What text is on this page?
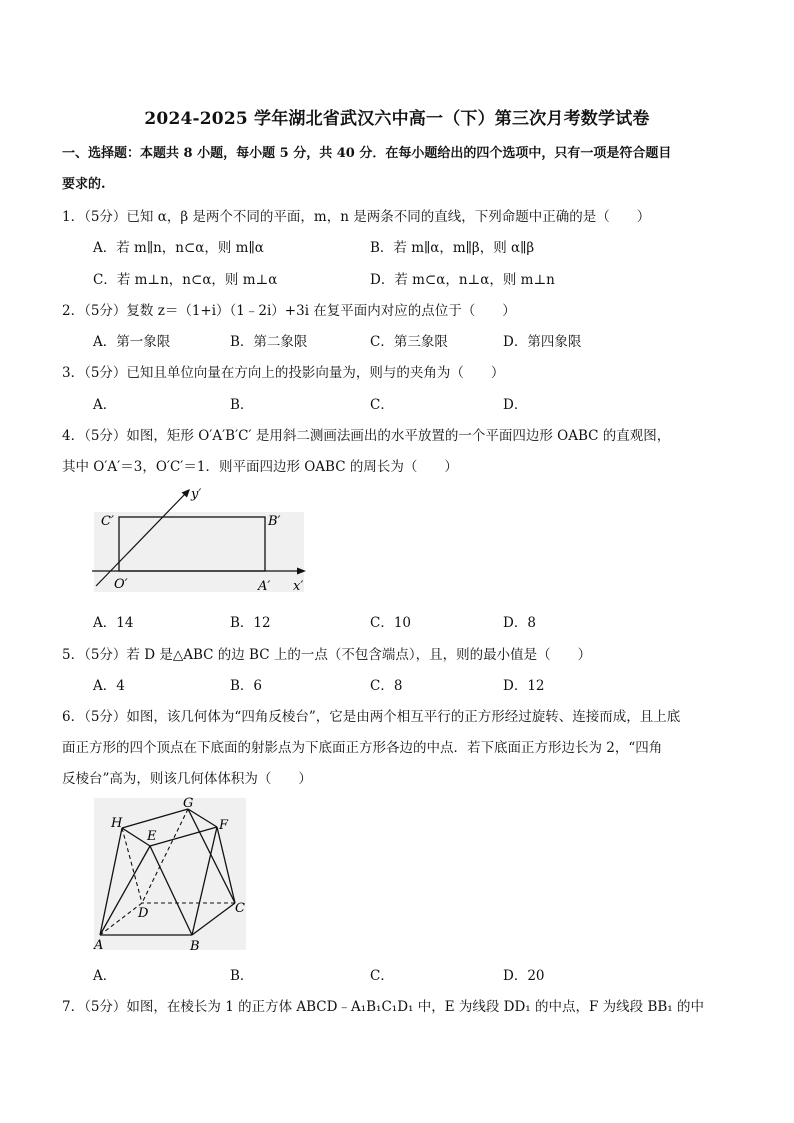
2024-2025 学年湖北省武汉六中高一（下）第三次月考数学试卷
一、选择题：本题共 8 小题，每小题 5 分，共 40 分．在每小题给出的四个选项中，只有一项是符合题目
要求的.
1．（5分）已知 α，β 是两个不同的平面，m，n 是两条不同的直线，下列命题中正确的是（　　）
A．若 m∥n，n⊂α，则 m∥α	B．若 m∥α，m∥β，则 α∥β
C．若 m⊥n，n⊂α，则 m⊥α	D．若 m⊂α，n⊥α，则 m⊥n
2．（5分）复数 z＝（1+i）（1﹣2i）+3i 在复平面内对应的点位于（　　）
A．第一象限	B．第二象限	C．第三象限	D．第四象限
3．（5分）已知且单位向量在方向上的投影向量为，则与的夹角为（　　）
A．	B．	C．	D．
4．（5分）如图，矩形 O′A′B′C′ 是用斜二测画法画出的水平放置的一个平面四边形 OABC 的直观图，
其中 O′A′＝3，O′C′＝1．则平面四边形 OABC 的周长为（　　）
C′	B′
O′	A′ x′
y′
A．14	B．12	C．10	D．8
5．（5分）若 D 是△ABC 的边 BC 上的一点（不包含端点），且，则的最小值是（　　）
A．4	B．6	C．8	D．12
6．（5分）如图，该几何体为“四角反棱台”，它是由两个相互平行的正方形经过旋转、连接而成，且上底
面正方形的四个顶点在下底面的射影点为下底面正方形各边的中点．若下底面正方形边长为 2，“四角
反棱台”高为，则该几何体体积为（　　）
G
H
E
F
D	C
A	B
A．	B．	C．	D．20
7．（5分）如图，在棱长为 1 的正方体 ABCD﹣A₁B₁C₁D₁ 中，E 为线段 DD₁ 的中点，F 为线段 BB₁ 的中
